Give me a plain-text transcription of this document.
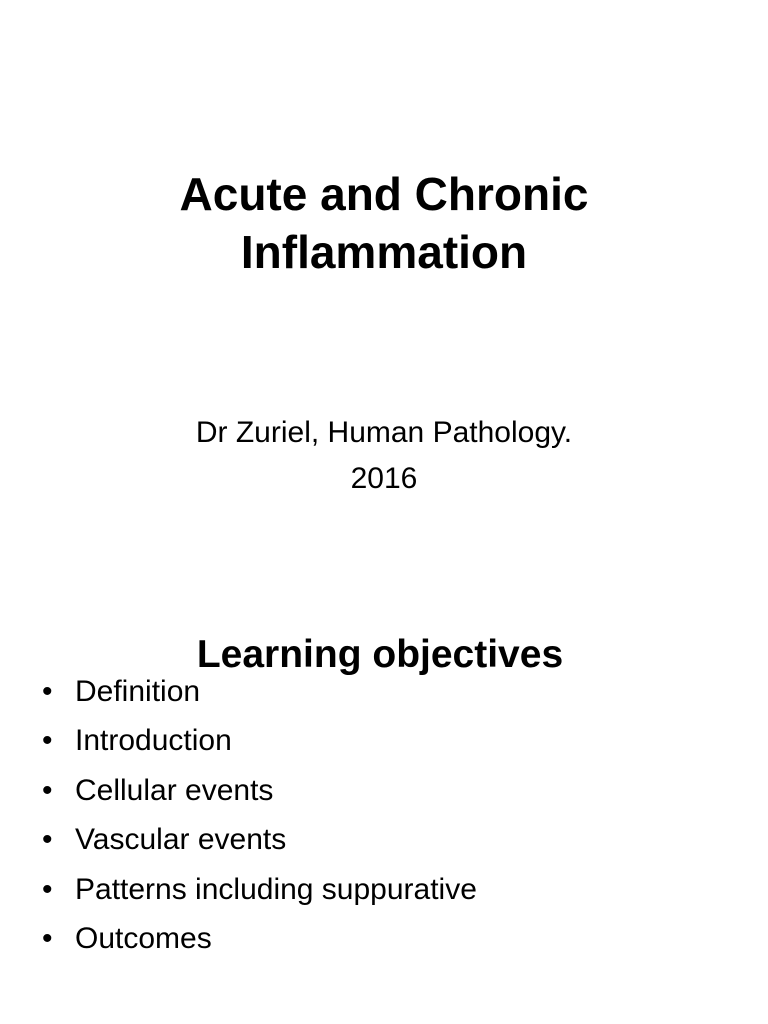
Acute and Chronic
Inflammation
Dr Zuriel, Human Pathology.
2016
Learning objectives
• Definition
• Introduction
• Cellular events
• Vascular events
• Patterns including suppurative
• Outcomes
